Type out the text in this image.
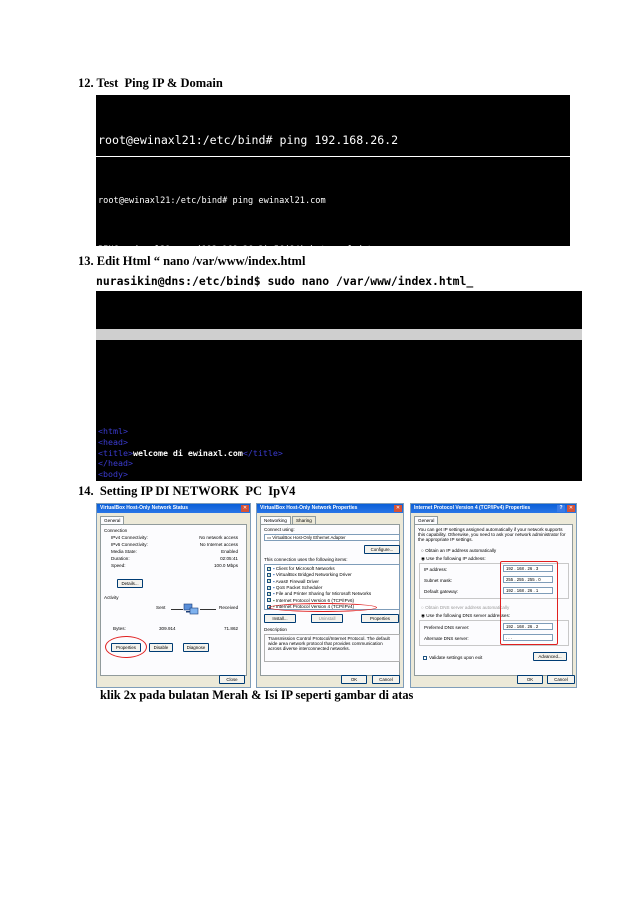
12. Test  Ping IP & Domain

root@ewinaxl21:/etc/bind# ping 192.168.26.2

root@ewinaxl21:/etc/bind# ping ewinaxl21.com

13. Edit Html “ nano /var/www/index.html
nurasikin@dns:/etc/bind$ sudo nano /var/www/index.html_

GNU nano 2.2.4

File: /var/www/index.html

<html>
<head>
<title>welcome di ewinaxl.com</title>
</head>
<body>

14.  Setting IP DI NETWORK  PC  IpV4
VirtualBox Host-Only Network Status	✕
General
Connection
IPv4 Connectivity:	No network access
IPv6 Connectivity:	No Internet access
Media State:	Enabled
Duration:	02:05:41
Speed:	100.0 Mbps
Details...
Activity
Sent	Received
Bytes:	309.914	71.862
Properties	Disable	Diagnose
Close
VirtualBox Host-Only Network Properties	✕
Networking	Sharing
Connect using:
▭ VirtualBox Host-Only Ethernet Adapter
Configure...
This connection uses the following items:
✓ ▪ Client for Microsoft Networks
✓ ▪ VirtualBox Bridged Networking Driver
✓ ▪ Avast! Firewall Driver
✓ ▪ QoS Packet Scheduler
✓ ▪ File and Printer Sharing for Microsoft Networks
✓ ▪ Internet Protocol Version 6 (TCP/IPv6)
✓ ▪ Internet Protocol Version 4 (TCP/IPv4)
Install...	Uninstall	Properties
Description
Transmission Control Protocol/Internet Protocol. The default wide area network protocol that provides communication across diverse interconnected networks.
OK	Cancel
Internet Protocol Version 4 (TCP/IPv4) Properties	?	✕
General
You can get IP settings assigned automatically if your network supports this capability. Otherwise, you need to ask your network administrator for the appropriate IP settings.
○ Obtain an IP address automatically
◉ Use the following IP address:
IP address:	192 . 168 . 26 . 3
Subnet mask:	255 . 255 . 255 . 0
Default gateway:	192 . 168 . 26 . 1
○ Obtain DNS server address automatically
◉ Use the following DNS server addresses:
Preferred DNS server:	192 . 168 . 26 . 2
Alternate DNS server:	. . .
Validate settings upon exit	Advanced...
OK	Cancel
klik 2x pada bulatan Merah & Isi IP seperti gambar di atas
